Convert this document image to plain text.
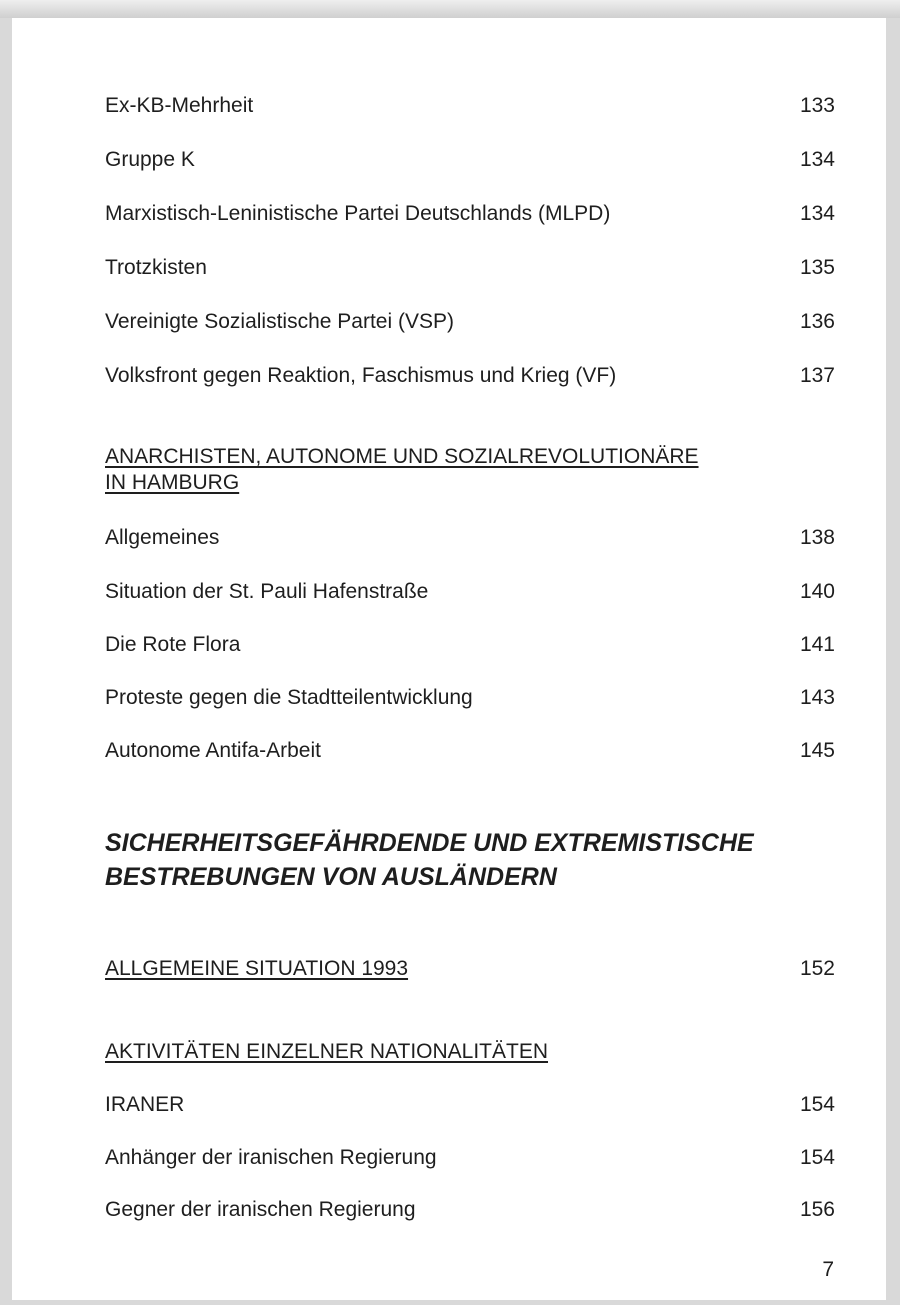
Ex-KB-Mehrheit	133
Gruppe K	134
Marxistisch-Leninistische Partei Deutschlands (MLPD)	134
Trotzkisten	135
Vereinigte Sozialistische Partei (VSP)	136
Volksfront gegen Reaktion, Faschismus und Krieg (VF)	137
ANARCHISTEN, AUTONOME UND SOZIALREVOLUTIONÄRE
IN HAMBURG
Allgemeines	138
Situation der St. Pauli Hafenstraße	140
Die Rote Flora	141
Proteste gegen die Stadtteilentwicklung	143
Autonome Antifa-Arbeit	145
SICHERHEITSGEFÄHRDENDE UND EXTREMISTISCHE
BESTREBUNGEN VON AUSLÄNDERN
ALLGEMEINE SITUATION 1993	152
AKTIVITÄTEN EINZELNER NATIONALITÄTEN
IRANER	154
Anhänger der iranischen Regierung	154
Gegner der iranischen Regierung	156
7
